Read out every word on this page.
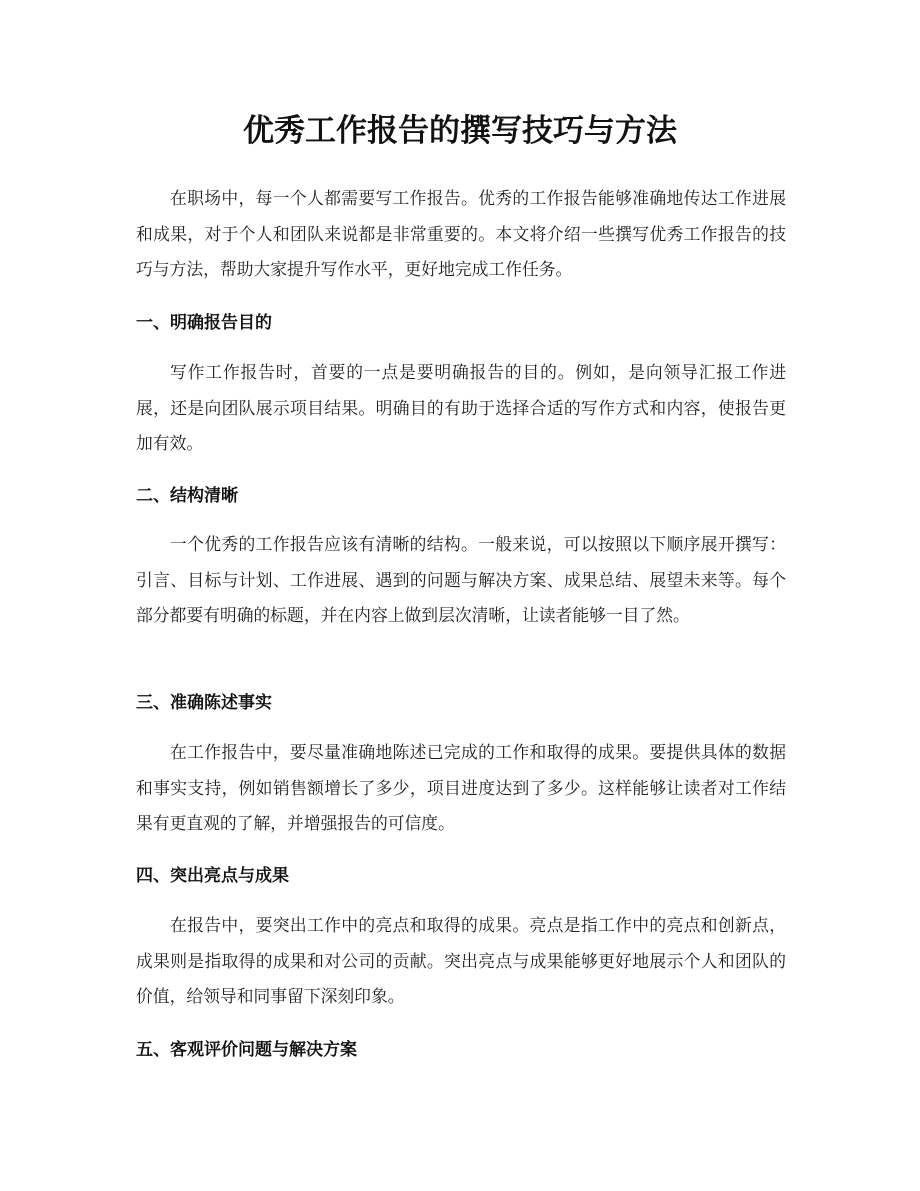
优秀工作报告的撰写技巧与方法

在职场中，每一个人都需要写工作报告。优秀的工作报告能够准确地传达工作进展和成果，对于个人和团队来说都是非常重要的。本文将介绍一些撰写优秀工作报告的技巧与方法，帮助大家提升写作水平，更好地完成工作任务。

一、明确报告目的

写作工作报告时，首要的一点是要明确报告的目的。例如，是向领导汇报工作进展，还是向团队展示项目结果。明确目的有助于选择合适的写作方式和内容，使报告更加有效。

二、结构清晰

一个优秀的工作报告应该有清晰的结构。一般来说，可以按照以下顺序展开撰写：引言、目标与计划、工作进展、遇到的问题与解决方案、成果总结、展望未来等。每个部分都要有明确的标题，并在内容上做到层次清晰，让读者能够一目了然。

三、准确陈述事实

在工作报告中，要尽量准确地陈述已完成的工作和取得的成果。要提供具体的数据和事实支持，例如销售额增长了多少，项目进度达到了多少。这样能够让读者对工作结果有更直观的了解，并增强报告的可信度。

四、突出亮点与成果

在报告中，要突出工作中的亮点和取得的成果。亮点是指工作中的亮点和创新点，成果则是指取得的成果和对公司的贡献。突出亮点与成果能够更好地展示个人和团队的价值，给领导和同事留下深刻印象。

五、客观评价问题与解决方案
